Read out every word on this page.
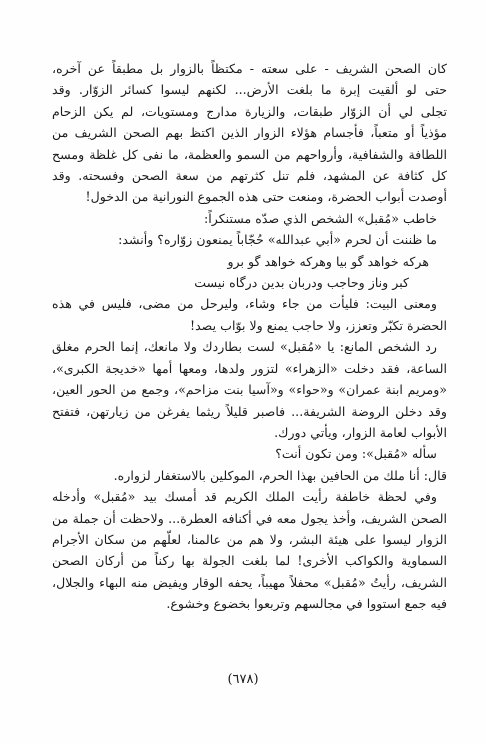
كان الصحن الشريف - على سعته - مكتظاً بالزوار بل مطبقاً عن آخره،
حتى لو ألقيت إبرة ما بلغت الأرض... لكنهم ليسوا كسائر الزوّار. وقد
تجلى لي أن الزوّار طبقات، والزيارة مدارج ومستويات، لم يكن الزحام
مؤذياً أو متعباً، فأجسام هؤلاء الزوار الذين اكتظ بهم الصحن الشريف من
اللطافة والشفافية، وأرواحهم من السمو والعظمة، ما نفى كل غلظة ومسح
كل كثافة عن المشهد، فلم تنل كثرتهم من سعة الصحن وفسحته. وقد
أوصدت أبواب الحضرة، ومنعت حتى هذه الجموع النورانية من الدخول!
خاطب «مُقبل» الشخص الذي صدّه مستنكراً:
ما ظننت أن لحرم «أبي عبدالله» حُجّاباً يمنعون زوّاره؟ وأنشد:
هركه خواهد گو بيا وهركه خواهد گو برو
كبر وناز وحاجب ودربان بدين درگاه نيست
ومعنى البيت: فليأت من جاء وشاء، وليرحل من مضى، فليس في هذه
الحضرة تكبّر وتعزز، ولا حاجب يمنع ولا بوّاب يصد!
رد الشخص المانع: يا «مُقبل» لست بطاردك ولا مانعك، إنما الحرم مغلق
الساعة، فقد دخلت «الزهراء» لتزور ولدها، ومعها أمها «خديجة الكبرى»،
«ومريم ابنة عمران» و«حواء» و«آسيا بنت مزاحم»، وجمع من الحور العين،
وقد دخلن الروضة الشريفة... فاصبر قليلاً ريثما يفرغن من زيارتهن، فتفتح
الأبواب لعامة الزوار، ويأتي دورك.
سأله «مُقبل»: ومن تكون أنت؟
قال: أنا ملك من الحافين بهذا الحرم، الموكلين بالاستغفار لزواره.
وفي لحظة خاطفة رأيت الملك الكريم قد أمسك بيد «مُقبل» وأدخله
الصحن الشريف، وأخذ يجول معه في أكنافه العطرة... ولاحظت أن جملة من
الزوار ليسوا على هيئة البشر، ولا هم من عالمنا، لعلّهم من سكان الأجرام
السماوية والكواكب الأخرى! لما بلغت الجولة بها ركناً من أركان الصحن
الشريف، رأيتُ «مُقبل» محفلاً مهيباً، يحفه الوقار ويفيض منه البهاء والجلال،
فيه جمع استووا في مجالسهم وتربعوا بخضوع وخشوع.
(٦٧٨)
